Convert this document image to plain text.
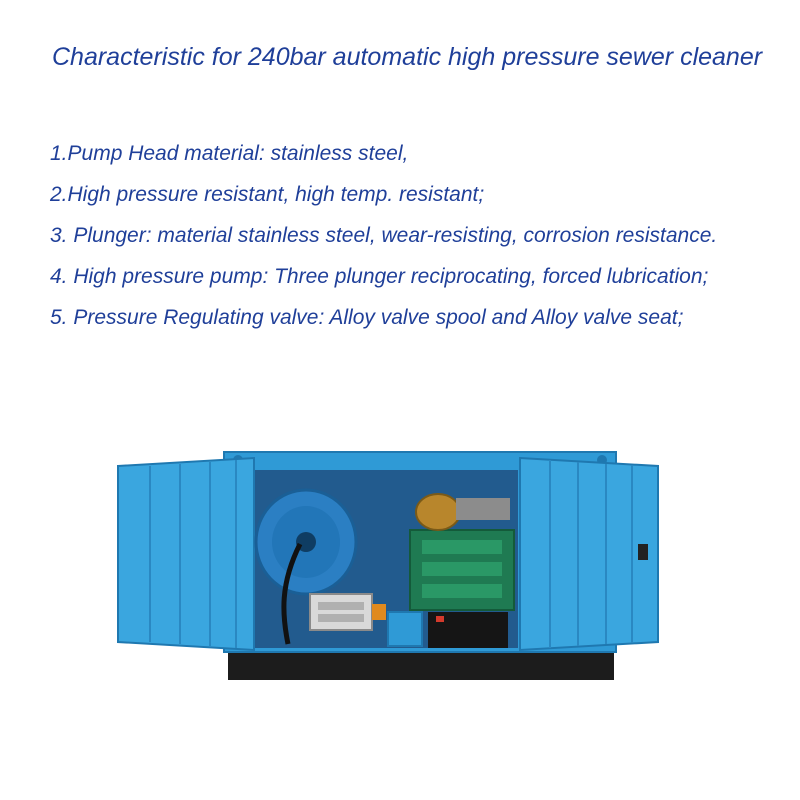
Characteristic for 240bar automatic high pressure sewer cleaner
1.Pump Head material: stainless steel,
2.High pressure resistant, high temp. resistant;
3. Plunger: material stainless steel, wear-resisting, corrosion resistance.
4. High pressure pump: Three plunger reciprocating, forced lubrication;
5. Pressure Regulating valve: Alloy valve spool and Alloy valve seat;
